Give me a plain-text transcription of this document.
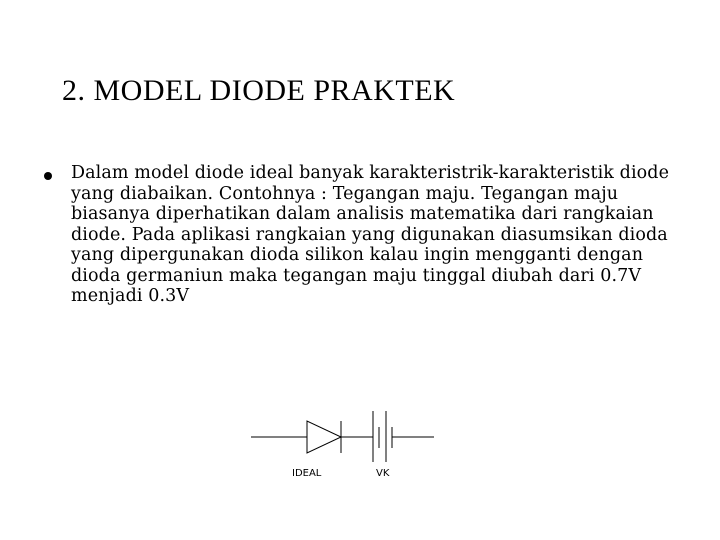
2. MODEL DIODE PRAKTEK
Dalam model diode ideal banyak karakteristrik-karakteristik diode yang diabaikan. Contohnya : Tegangan maju. Tegangan maju biasanya diperhatikan dalam analisis matematika dari rangkaian diode. Pada aplikasi rangkaian yang digunakan diasumsikan dioda yang dipergunakan dioda silikon kalau ingin mengganti dengan dioda germaniun maka tegangan maju tinggal diubah dari 0.7V menjadi 0.3V
IDEAL	VK
